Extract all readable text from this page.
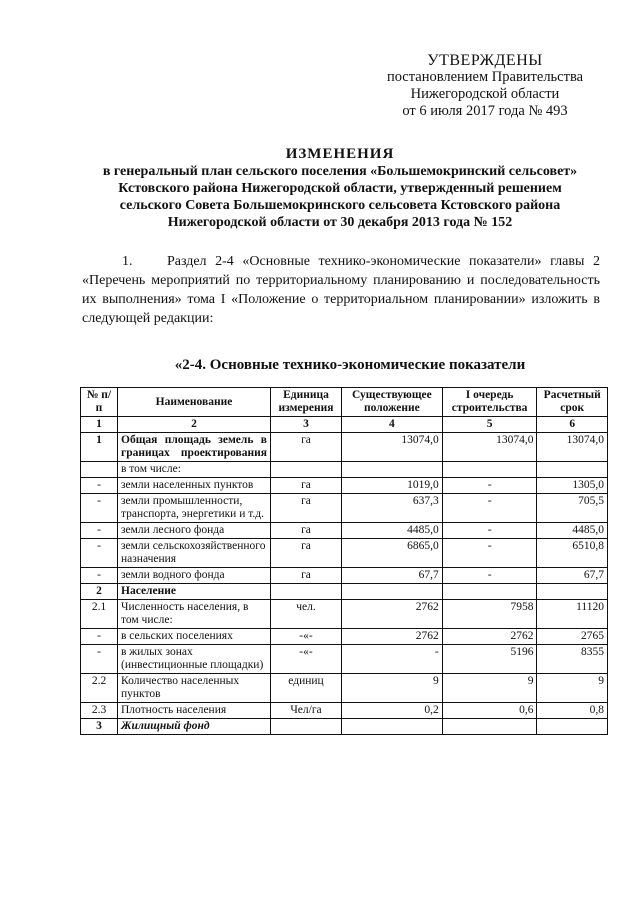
УТВЕРЖДЕНЫ
постановлением Правительства
Нижегородской области
от 6 июля 2017 года № 493
ИЗМЕНЕНИЯ
в генеральный план сельского поселения «Большемокринский сельсовет»
Кстовского района Нижегородской области, утвержденный решением
сельского Совета Большемокринского сельсовета Кстовского района
Нижегородской области от 30 декабря 2013 года № 152
1. Раздел 2-4 «Основные технико-экономические показатели» главы 2 «Перечень мероприятий по территориальному планированию и последовательность их выполнения» тома I «Положение о территориальном планировании» изложить в следующей редакции:
«2-4. Основные технико-экономические показатели
№ п/п	Наименование	Единица измерения	Существующее положение	I очередь строительства	Расчетный срок
1	2	3	4	5	6
1	Общая площадь земель в границах проектирования	га	13074,0	13074,0	13074,0
	в том числе:				
-	земли населенных пунктов	га	1019,0	-	1305,0
-	земли промышленности, транспорта, энергетики и т.д.	га	637,3	-	705,5
-	земли лесного фонда	га	4485,0	-	4485,0
-	земли сельскохозяйственного назначения	га	6865,0	-	6510,8
-	земли водного фонда	га	67,7	-	67,7
2	Население				
2.1	Численность населения, в том числе:	чел.	2762	7958	11120
-	в сельских поселениях	-«-	2762	2762	2765
-	в жилых зонах (инвестиционные площадки)	-«-	-	5196	8355
2.2	Количество населенных пунктов	единиц	9	9	9
2.3	Плотность населения	Чел/га	0,2	0,6	0,8
3	Жилищный фонд				
